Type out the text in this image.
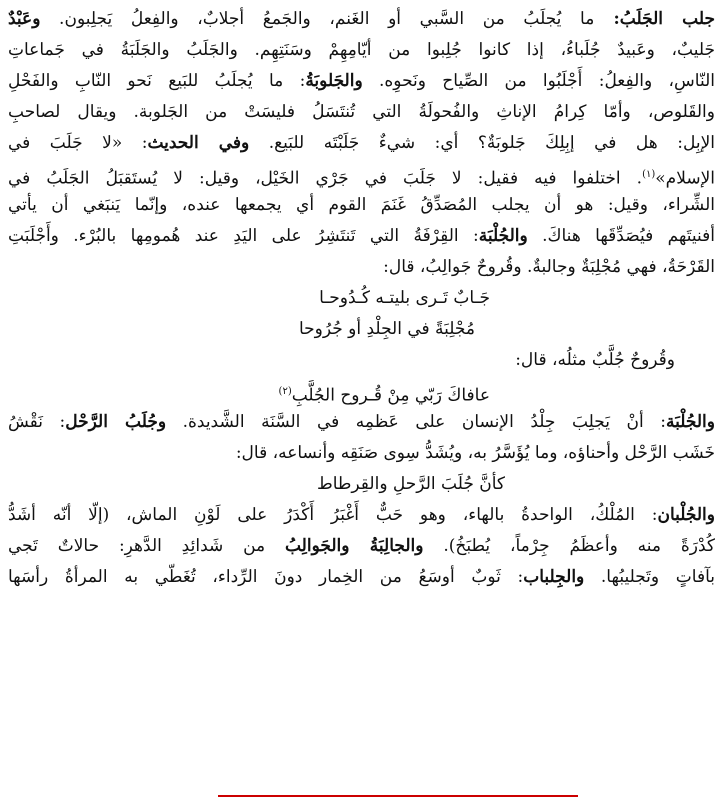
جلب الجَلَبُ: ما يُجلَبُ من السَّبي أو الغَنم، والجَمعُ أجلابٌ، والفِعلُ يَجلِبون. وعَبْدٌ
جَليبٌ، وعَبيدٌ جُلَباءُ، إذا كانوا جُلِبوا من أيّامِهِمْ وسَنَتِهِم. والجَلَبُ والجَلَبَةُ في جَماعاتِ
النّاسِ، والفِعلُ: أَجْلَبُوا من الصِّياح ونَحوِه. والجَلوبَةُ: ما يُجلَبُ للبَيع نَحو النّابِ والفَحْلِ
والقَلوص، وأمّا كِرامُ الإناثِ والفُحولَةُ التي تُنتَسَلُ فليسَتْ من الجَلوبة. ويقال لصاحبِ
الإبِل: هل في إبِلِكَ جَلوبَةٌ؟ أي: شيءٌ جَلَبْتَه للبَيع. وفي الحديث: «لا جَلَبَ في
الإسلام»$^{(١)}$. اختلفوا فيه فقيل: لا جَلَبَ في جَرْي الخَيْل، وقيل: لا يُستَقبَلُ الجَلَبُ في
الشِّراء، وقيل: هو أن يجلب المُصَدِّقُ غَنَمَ القوم أي يجمعها عنده، وإنّما يَنبَغي أن يأتي
أفنيتَهم فيُصَدِّقَها هناكَ. والجُلْبَة: القِرْفَةُ التي تَنتَشِرُ على اليَدِ عند هُمومِها بالبُرْء. وأَجْلَبَتِ
القَرْحَةُ، فهي مُجْلِبَةٌ وجالبةٌ. وقُروحٌ جَوالِبُ، قال:
جَـابٌ تَـرى بليتـه كُـدُوحـا
مُجْلِبَةً في الجِلْدِ أو جُرُوحا
وقُروحٌ جُلَّبٌ مثلُه، قال:
عافاكَ رَبّي مِنْ قُـروح الجُلَّبِ$^{(٢)}$
والجُلْبَة: أنْ يَجلِبَ جِلْدُ الإنسان على عَظمِه في السَّنَة الشَّديدة. وجُلَبُ الرَّحْل: نَقْشُ
خَشَب الرَّحْل وأحناؤه، وما يُؤَسَّرُ به، ويُشَدُّ سِوى صَنَقِه وأنساعه، قال:
كأنَّ جُلَبَ الرَّحلِ والقِرطاط
والجُلْبان: المُلْكُ، الواحدةُ بالهاء، وهو حَبٌّ أَغْبَرُ أَكْدَرُ على لَوْنِ الماش، (إلّا أنّه أشَدُّ
كُدْرَةً منه وأعظَمُ جِرْماً، يُطبَخُ). والجالِبَةُ والجَوالِبُ من شَدائِدِ الدَّهرِ: حالاتٌ تَجي
بآفاتٍ وتَجليبُها. والجِلباب: ثَوبٌ أوسَعُ من الخِمار دونَ الرِّداء، تُغَطّي به المرأةُ رأسَها
